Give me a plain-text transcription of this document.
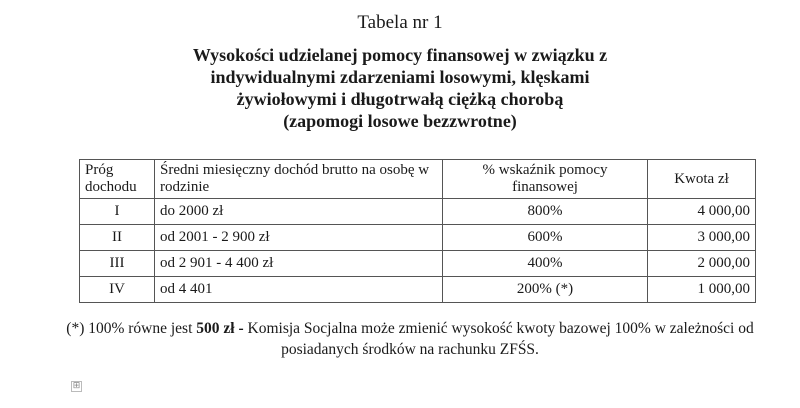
Tabela nr 1
Wysokości udzielanej pomocy finansowej w związku z
indywidualnymi zdarzeniami losowymi, klęskami
żywiołowymi i długotrwałą ciężką chorobą
(zapomogi losowe bezzwrotne)
Próg dochodu	Średni miesięczny dochód brutto na osobę w rodzinie	% wskaźnik pomocy finansowej	Kwota zł
I	do 2000 zł	800%	4 000,00
II	od 2001 - 2 900 zł	600%	3 000,00
III	od 2 901 - 4 400 zł	400%	2 000,00
IV	od 4 401	200% (*)	1 000,00
(*) 100% równe jest 500 zł - Komisja Socjalna może zmienić wysokość kwoty bazowej 100% w zależności od posiadanych środków na rachunku ZFŚS.
⊞
